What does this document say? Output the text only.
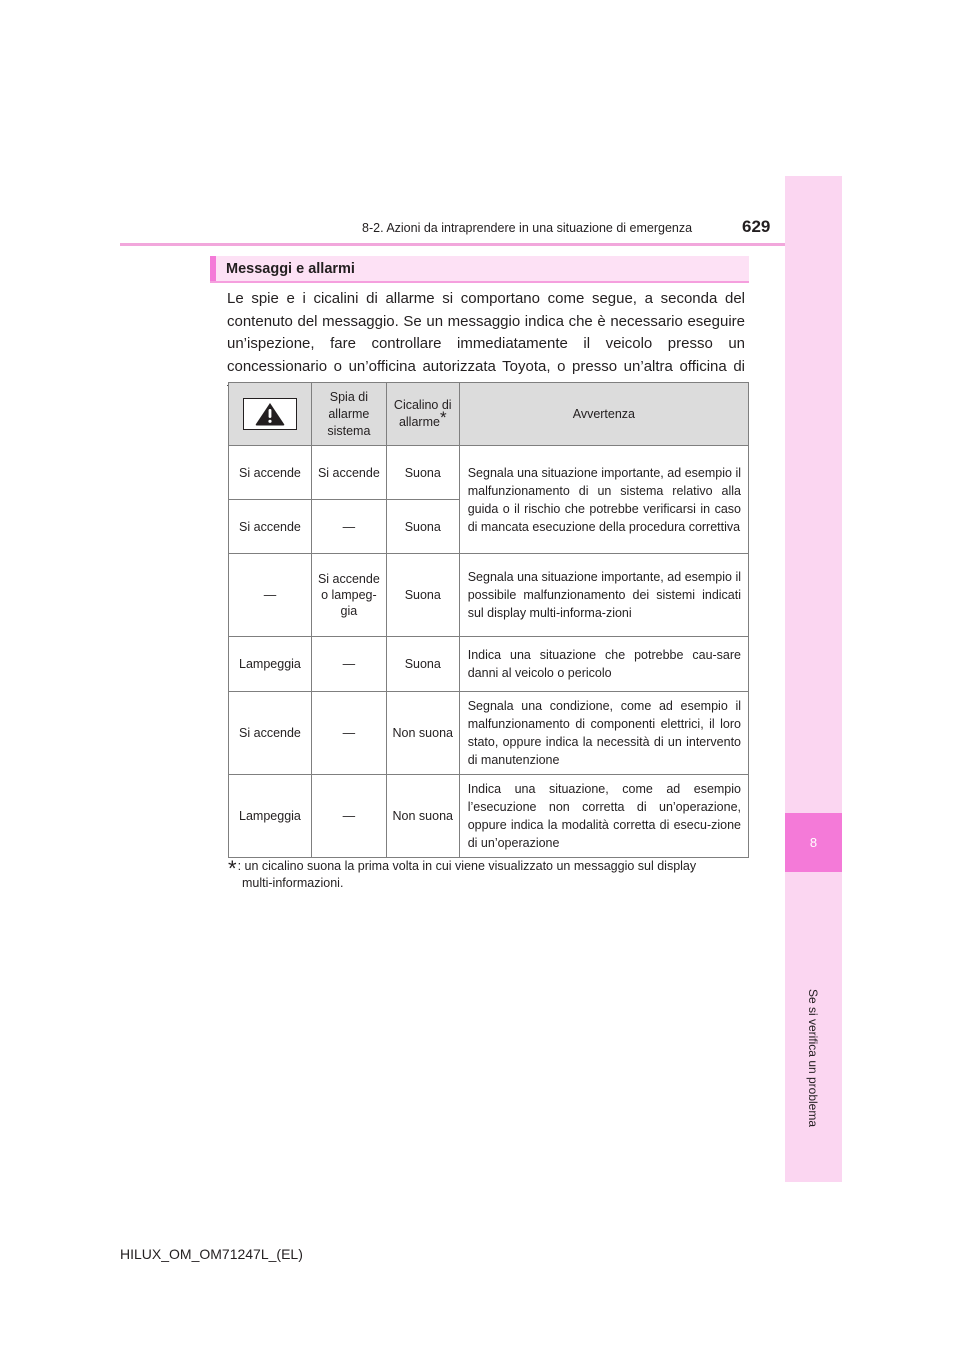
8-2. Azioni da intraprendere in una situazione di emergenza	629
8
Se si verifica un problema
Messaggi e allarmi

Le spie e i cicalini di allarme si comportano come segue, a seconda del contenuto del messaggio. Se un messaggio indica che è necessario eseguire un’ispezione, fare controllare immediatamente il veicolo presso un concessionario o un’officina autorizzata Toyota, o presso un’altra officina di

	Spia di allarme sistema	Cicalino di allarme*	Avvertenza
Si accende	Si accende	Suona	Segnala una situazione importante, ad esempio il malfunzionamento di un sistema relativo alla guida o il rischio che potrebbe verificarsi in caso di mancata esecuzione della procedura correttiva
Si accende	—	Suona	
—	Si accende o lampeg-gia	Suona	Segnala una situazione importante, ad esempio il possibile malfunzionamento dei sistemi indicati sul display multi-informa-zioni
Lampeggia	—	Suona	Indica una situazione che potrebbe cau-sare danni al veicolo o pericolo
Si accende	—	Non suona	Segnala una condizione, come ad esempio il malfunzionamento di componenti elettrici, il loro stato, oppure indica la necessità di un intervento di manutenzione
Lampeggia	—	Non suona	Indica una situazione, come ad esempio l’esecuzione non corretta di un’operazione, oppure indica la modalità corretta di esecu-zione di un’operazione

*: un cicalino suona la prima volta in cui viene visualizzato un messaggio sul display
multi-informazioni.

HILUX_OM_OM71247L_(EL)
